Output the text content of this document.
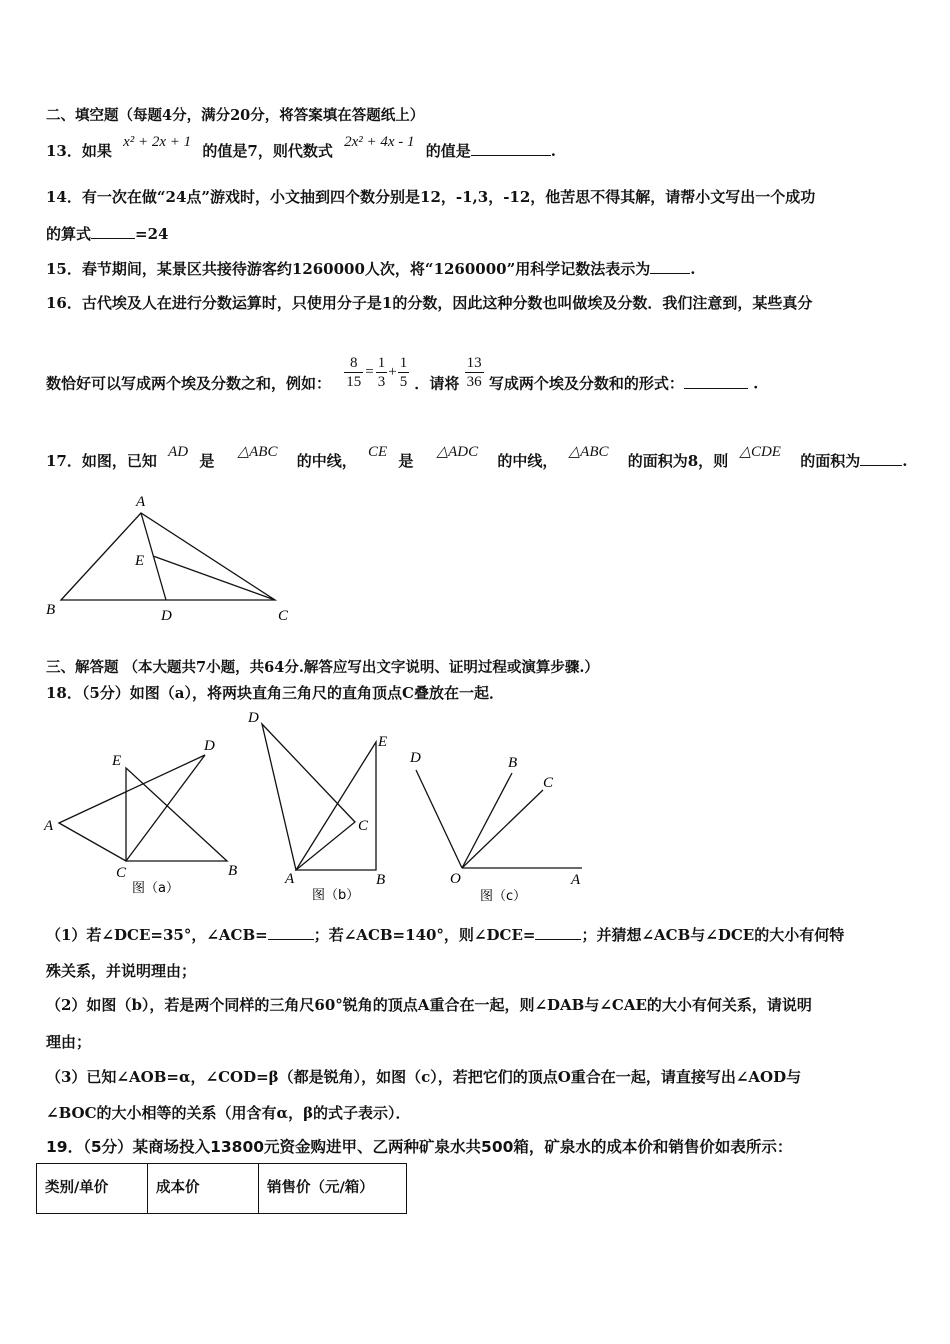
二、填空题（每题4分，满分20分，将答案填在答题纸上）
13．如果 x² + 2x + 1 的值是7，则代数式 2x² + 4x - 1 的值是	.
14．有一次在做“24点”游戏时，小文抽到四个数分别是12，-1,3，-12，他苦思不得其解，请帮小文写出一个成功
的算式	=24
15．春节期间，某景区共接待游客约1260000人次，将“1260000”用科学记数法表示为	.
16．古代埃及人在进行分数运算时，只使用分子是1的分数，因此这种分数也叫做埃及分数．我们注意到，某些真分
数恰好可以写成两个埃及分数之和，例如： $\frac{8}{15} = \frac{1}{3} + \frac{1}{5}$ ．请将 $\frac{13}{36}$ 写成两个埃及分数和的形式：	.
17．如图，已知 AD 是 △ABC 的中线， CE 是 △ADC 的中线， △ABC 的面积为8，则 △CDE 的面积为	.
A
E
B	D	C
三、解答题 （本大题共7小题，共64分.解答应写出文字说明、证明过程或演算步骤.）
18．（5分）如图（a），将两块直角三角尺的直角顶点C叠放在一起．
E
D
A
C	B
图（a）
D
E
C
A	B
图（b）
D	B
C
O	A
图（c）
（1）若∠DCE=35°，∠ACB=	；若∠ACB=140°，则∠DCE=	；并猜想∠ACB与∠DCE的大小有何特
殊关系，并说明理由；
（2）如图（b），若是两个同样的三角尺60°锐角的顶点A重合在一起，则∠DAB与∠CAE的大小有何关系，请说明
理由；
（3）已知∠AOB=α，∠COD=β（都是锐角），如图（c），若把它们的顶点O重合在一起，请直接写出∠AOD与
∠BOC的大小相等的关系（用含有α，β的式子表示）．
19．（5分）某商场投入13800元资金购进甲、乙两种矿泉水共500箱，矿泉水的成本价和销售价如表所示：
类别/单价	成本价	销售价（元/箱）
